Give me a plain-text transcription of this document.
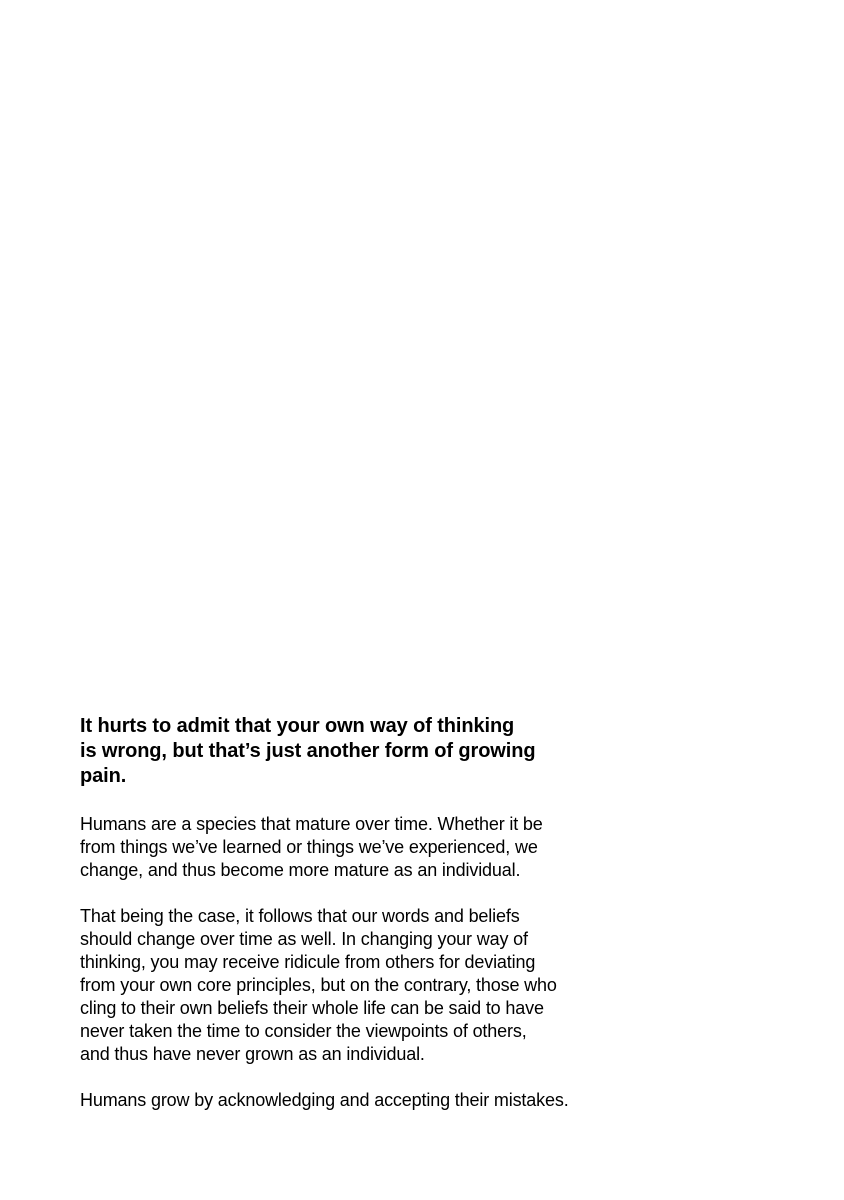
It hurts to admit that your own way of thinking
is wrong, but that’s just another form of growing
pain.

Humans are a species that mature over time. Whether it be
from things we’ve learned or things we’ve experienced, we
change, and thus become more mature as an individual.

That being the case, it follows that our words and beliefs
should change over time as well. In changing your way of
thinking, you may receive ridicule from others for deviating
from your own core principles, but on the contrary, those who
cling to their own beliefs their whole life can be said to have
never taken the time to consider the viewpoints of others,
and thus have never grown as an individual.

Humans grow by acknowledging and accepting their mistakes.
